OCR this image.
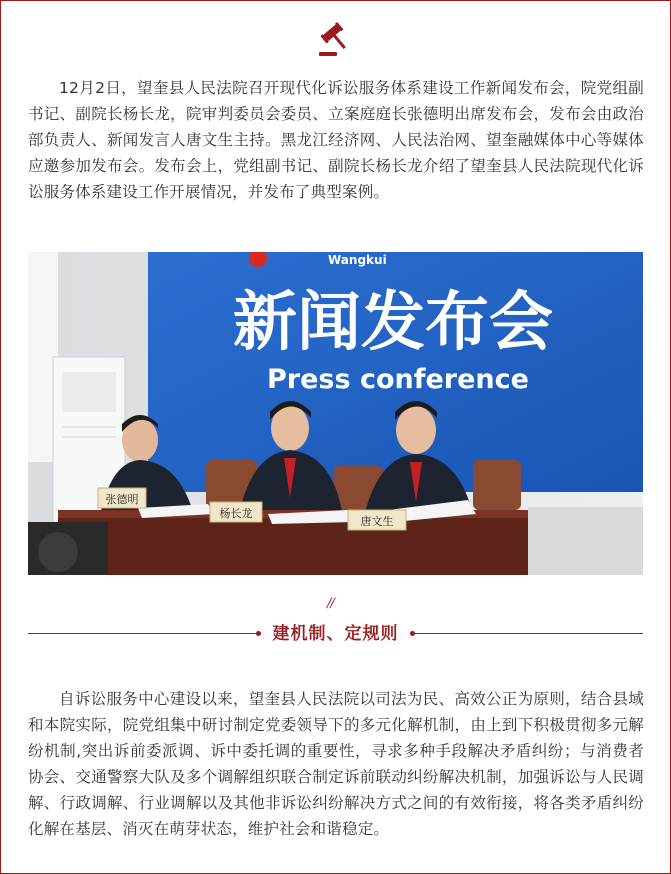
12月2日，望奎县人民法院召开现代化诉讼服务体系建设工作新闻发布会，院党组副书记、副院长杨长龙，院审判委员会委员、立案庭庭长张德明出席发布会，发布会由政治部负责人、新闻发言人唐文生主持。黑龙江经济网、人民法治网、望奎融媒体中心等媒体应邀参加发布会。发布会上，党组副书记、副院长杨长龙介绍了望奎县人民法院现代化诉讼服务体系建设工作开展情况，并发布了典型案例。

Wangkui
新闻发布会
Press conference
张德明
杨长龙
唐文生
//
建机制、定规则

自诉讼服务中心建设以来，望奎县人民法院以司法为民、高效公正为原则，结合县域和本院实际，院党组集中研讨制定党委领导下的多元化解机制，由上到下积极贯彻多元解纷机制,突出诉前委派调、诉中委托调的重要性，寻求多种手段解决矛盾纠纷；与消费者协会、交通警察大队及多个调解组织联合制定诉前联动纠纷解决机制，加强诉讼与人民调解、行政调解、行业调解以及其他非诉讼纠纷解决方式之间的有效衔接，将各类矛盾纠纷化解在基层、消灭在萌芽状态，维护社会和谐稳定。
